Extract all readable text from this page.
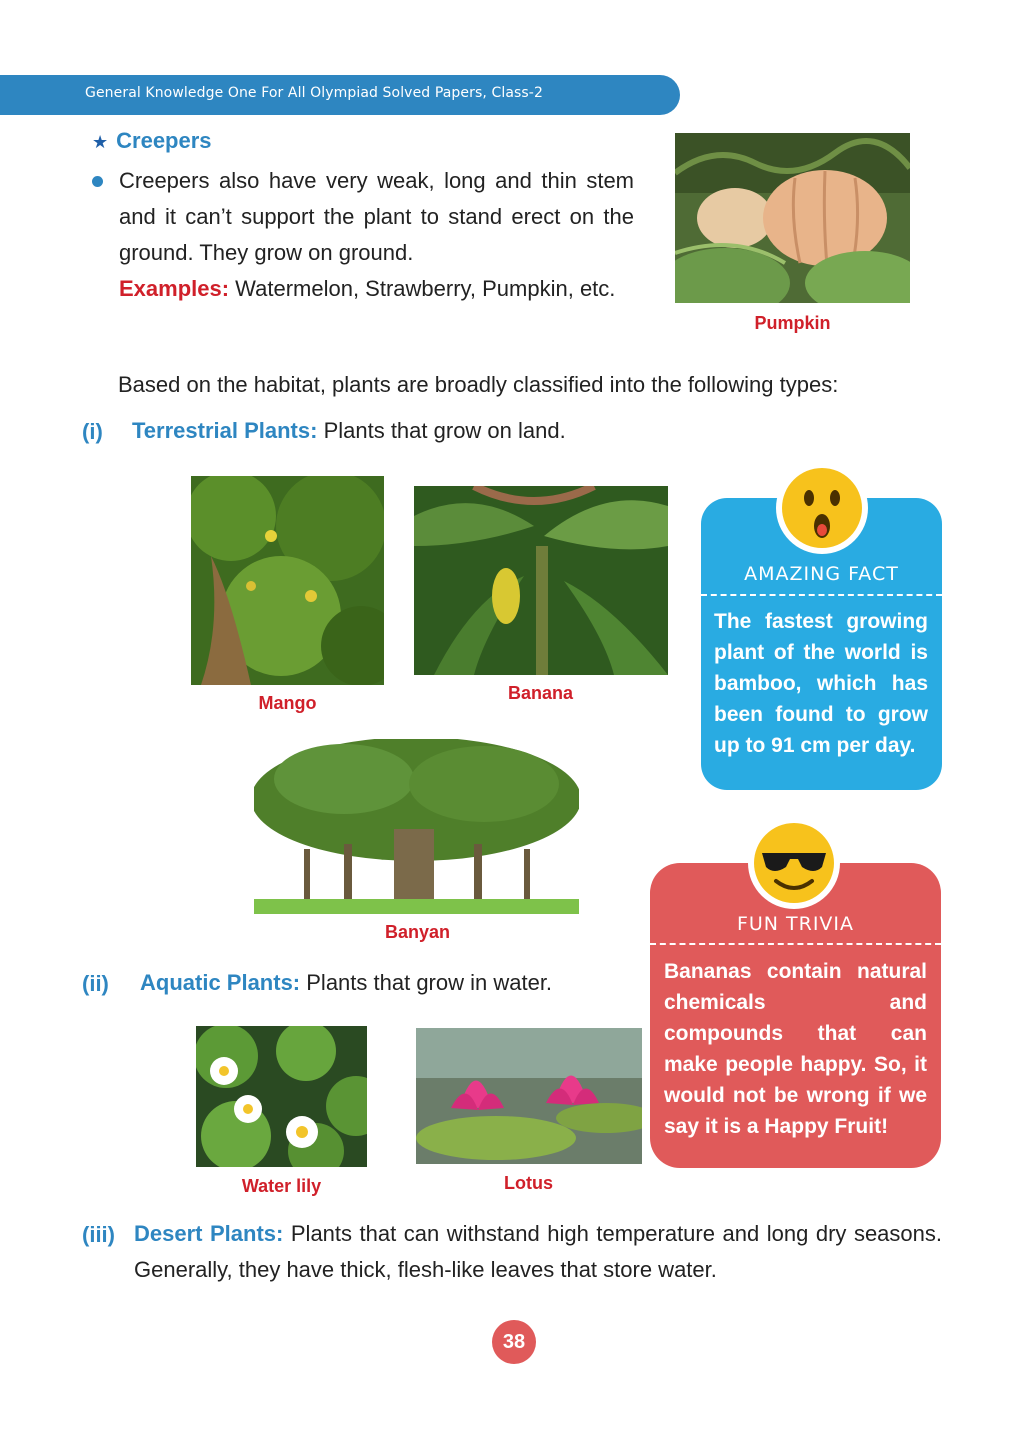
General Knowledge One For All Olympiad Solved Papers, Class-2
★ Creepers
Creepers also have very weak, long and thin stem and it can’t support the plant to stand erect on the ground. They grow on ground.
Examples: Watermelon, Strawberry, Pumpkin, etc.
Pumpkin
Based on the habitat, plants are broadly classified into the following types:
(i) Terrestrial Plants: Plants that grow on land.
Mango	Banana
Banyan
AMAZING FACT
The fastest growing plant of the world is bamboo, which has been found to grow up to 91 cm per day.
(ii) Aquatic Plants: Plants that grow in water.
Water lily	Lotus
FUN TRIVIA
Bananas contain natural chemicals and compounds that can make people happy. So, it would not be wrong if we say it is a Happy Fruit!
(iii) Desert Plants: Plants that can withstand high temperature and long dry seasons. Generally, they have thick, flesh-like leaves that store water.
38
